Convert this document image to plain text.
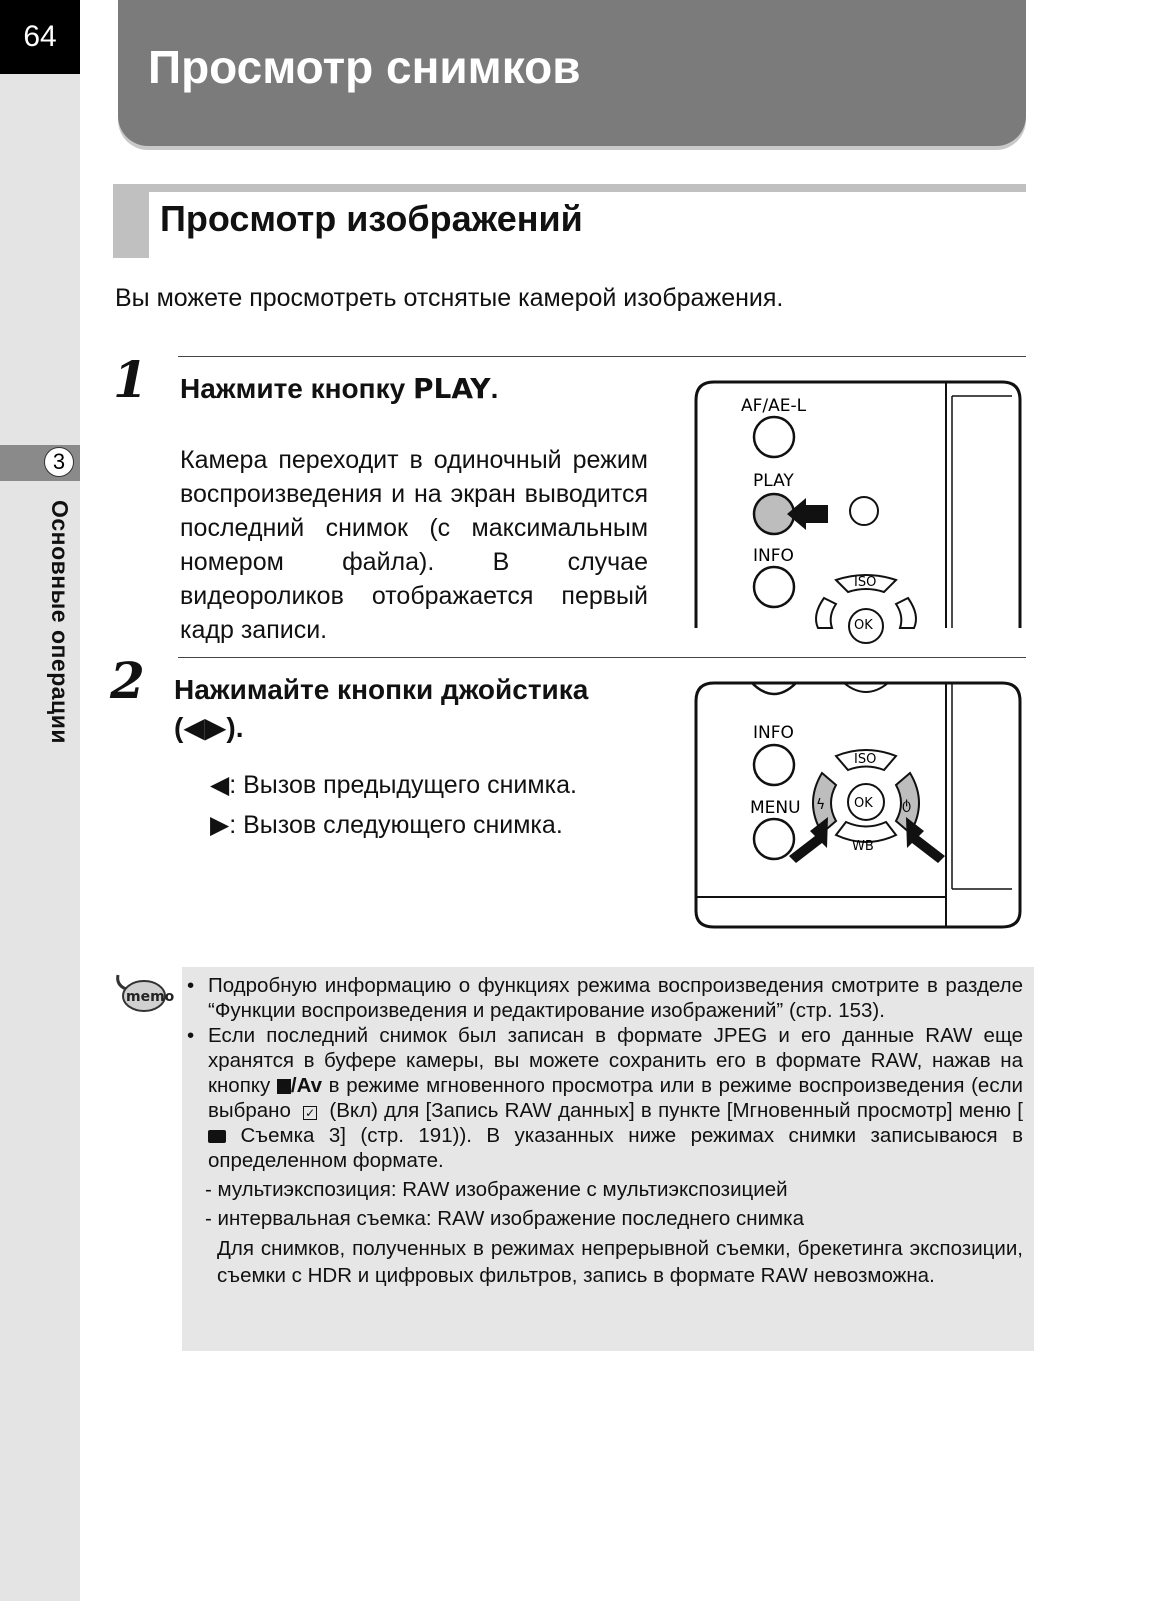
64
3
Основные операции
Просмотр снимков
Просмотр изображений
Вы можете просмотреть отснятые камерой изображения.
1 Нажмите кнопку PLAY.
Камера переходит в одиночный режим воспроизведения и на экран выводится последний снимок (с максимальным номером файла). В случае видеороликов отображается первый кадр записи.
AF/AE-L
PLAY
INFO
ISO
OK
2 Нажимайте кнопки джойстика
(◀▶).
◀: Вызов предыдущего снимка.
▶: Вызов следующего снимка.
INFO
ISO
MENU ϟ	ტ
OK
WB
memo • Подробную информацию о функциях режима воспроизведения смотрите в разделе “Функции воспроизведения и редактирование изображений” (стр. 153).
• Если последний снимок был записан в формате JPEG и его данные RAW еще хранятся в буфере камеры, вы можете сохранить его в формате RAW, нажав на кнопку /Av в режиме мгновенного просмотра или в режиме воспроизведения (если выбрано ✓ (Вкл) для [Запись RAW данных] в пункте [Мгновенный просмотр] меню [ Съемка 3] (стр. 191)). В указанных ниже режимах снимки записываюся в определенном формате.
- мультиэкспозиция: RAW изображение с мультиэкспозицией
- интервальная съемка: RAW изображение последнего снимка
Для снимков, полученных в режимах непрерывной съемки, брекетинга экспозиции, съемки с HDR и цифровых фильтров, запись в формате RAW невозможна.
